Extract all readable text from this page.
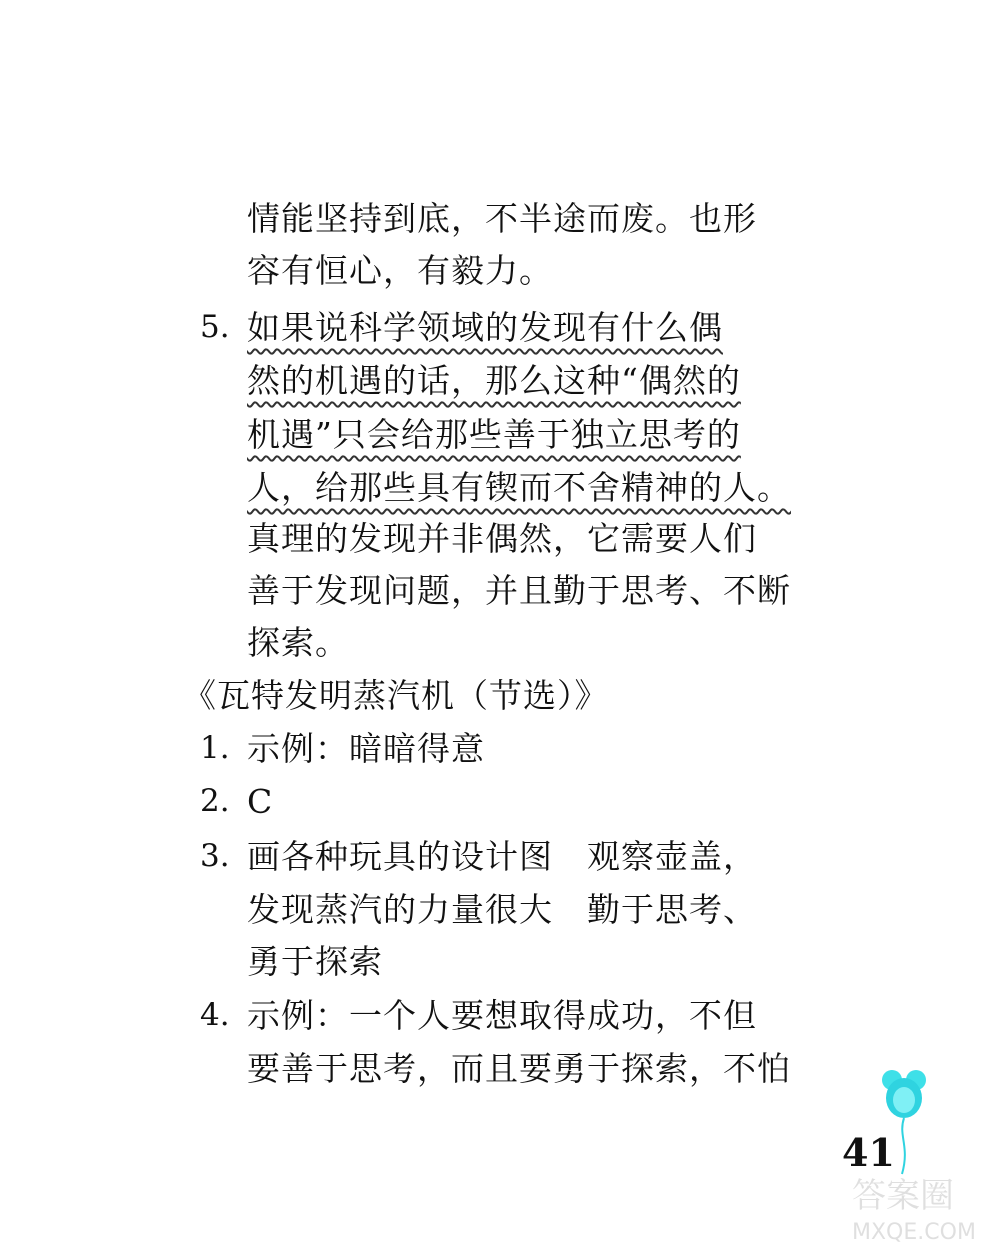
情能坚持到底，不半途而废。也形
容有恒心，有毅力。
5. 如果说科学领域的发现有什么偶
然的机遇的话，那么这种“偶然的
机遇”只会给那些善于独立思考的
人，给那些具有锲而不舍精神的人。
真理的发现并非偶然，它需要人们
善于发现问题，并且勤于思考、不断
探索。
《瓦特发明蒸汽机（节选）》
1. 示例：暗暗得意
2. C
3. 画各种玩具的设计图　观察壶盖，
发现蒸汽的力量很大　勤于思考、
勇于探索
4. 示例：一个人要想取得成功，不但
要善于思考，而且要勇于探索，不怕
41
答案圈
MXQE.COM
